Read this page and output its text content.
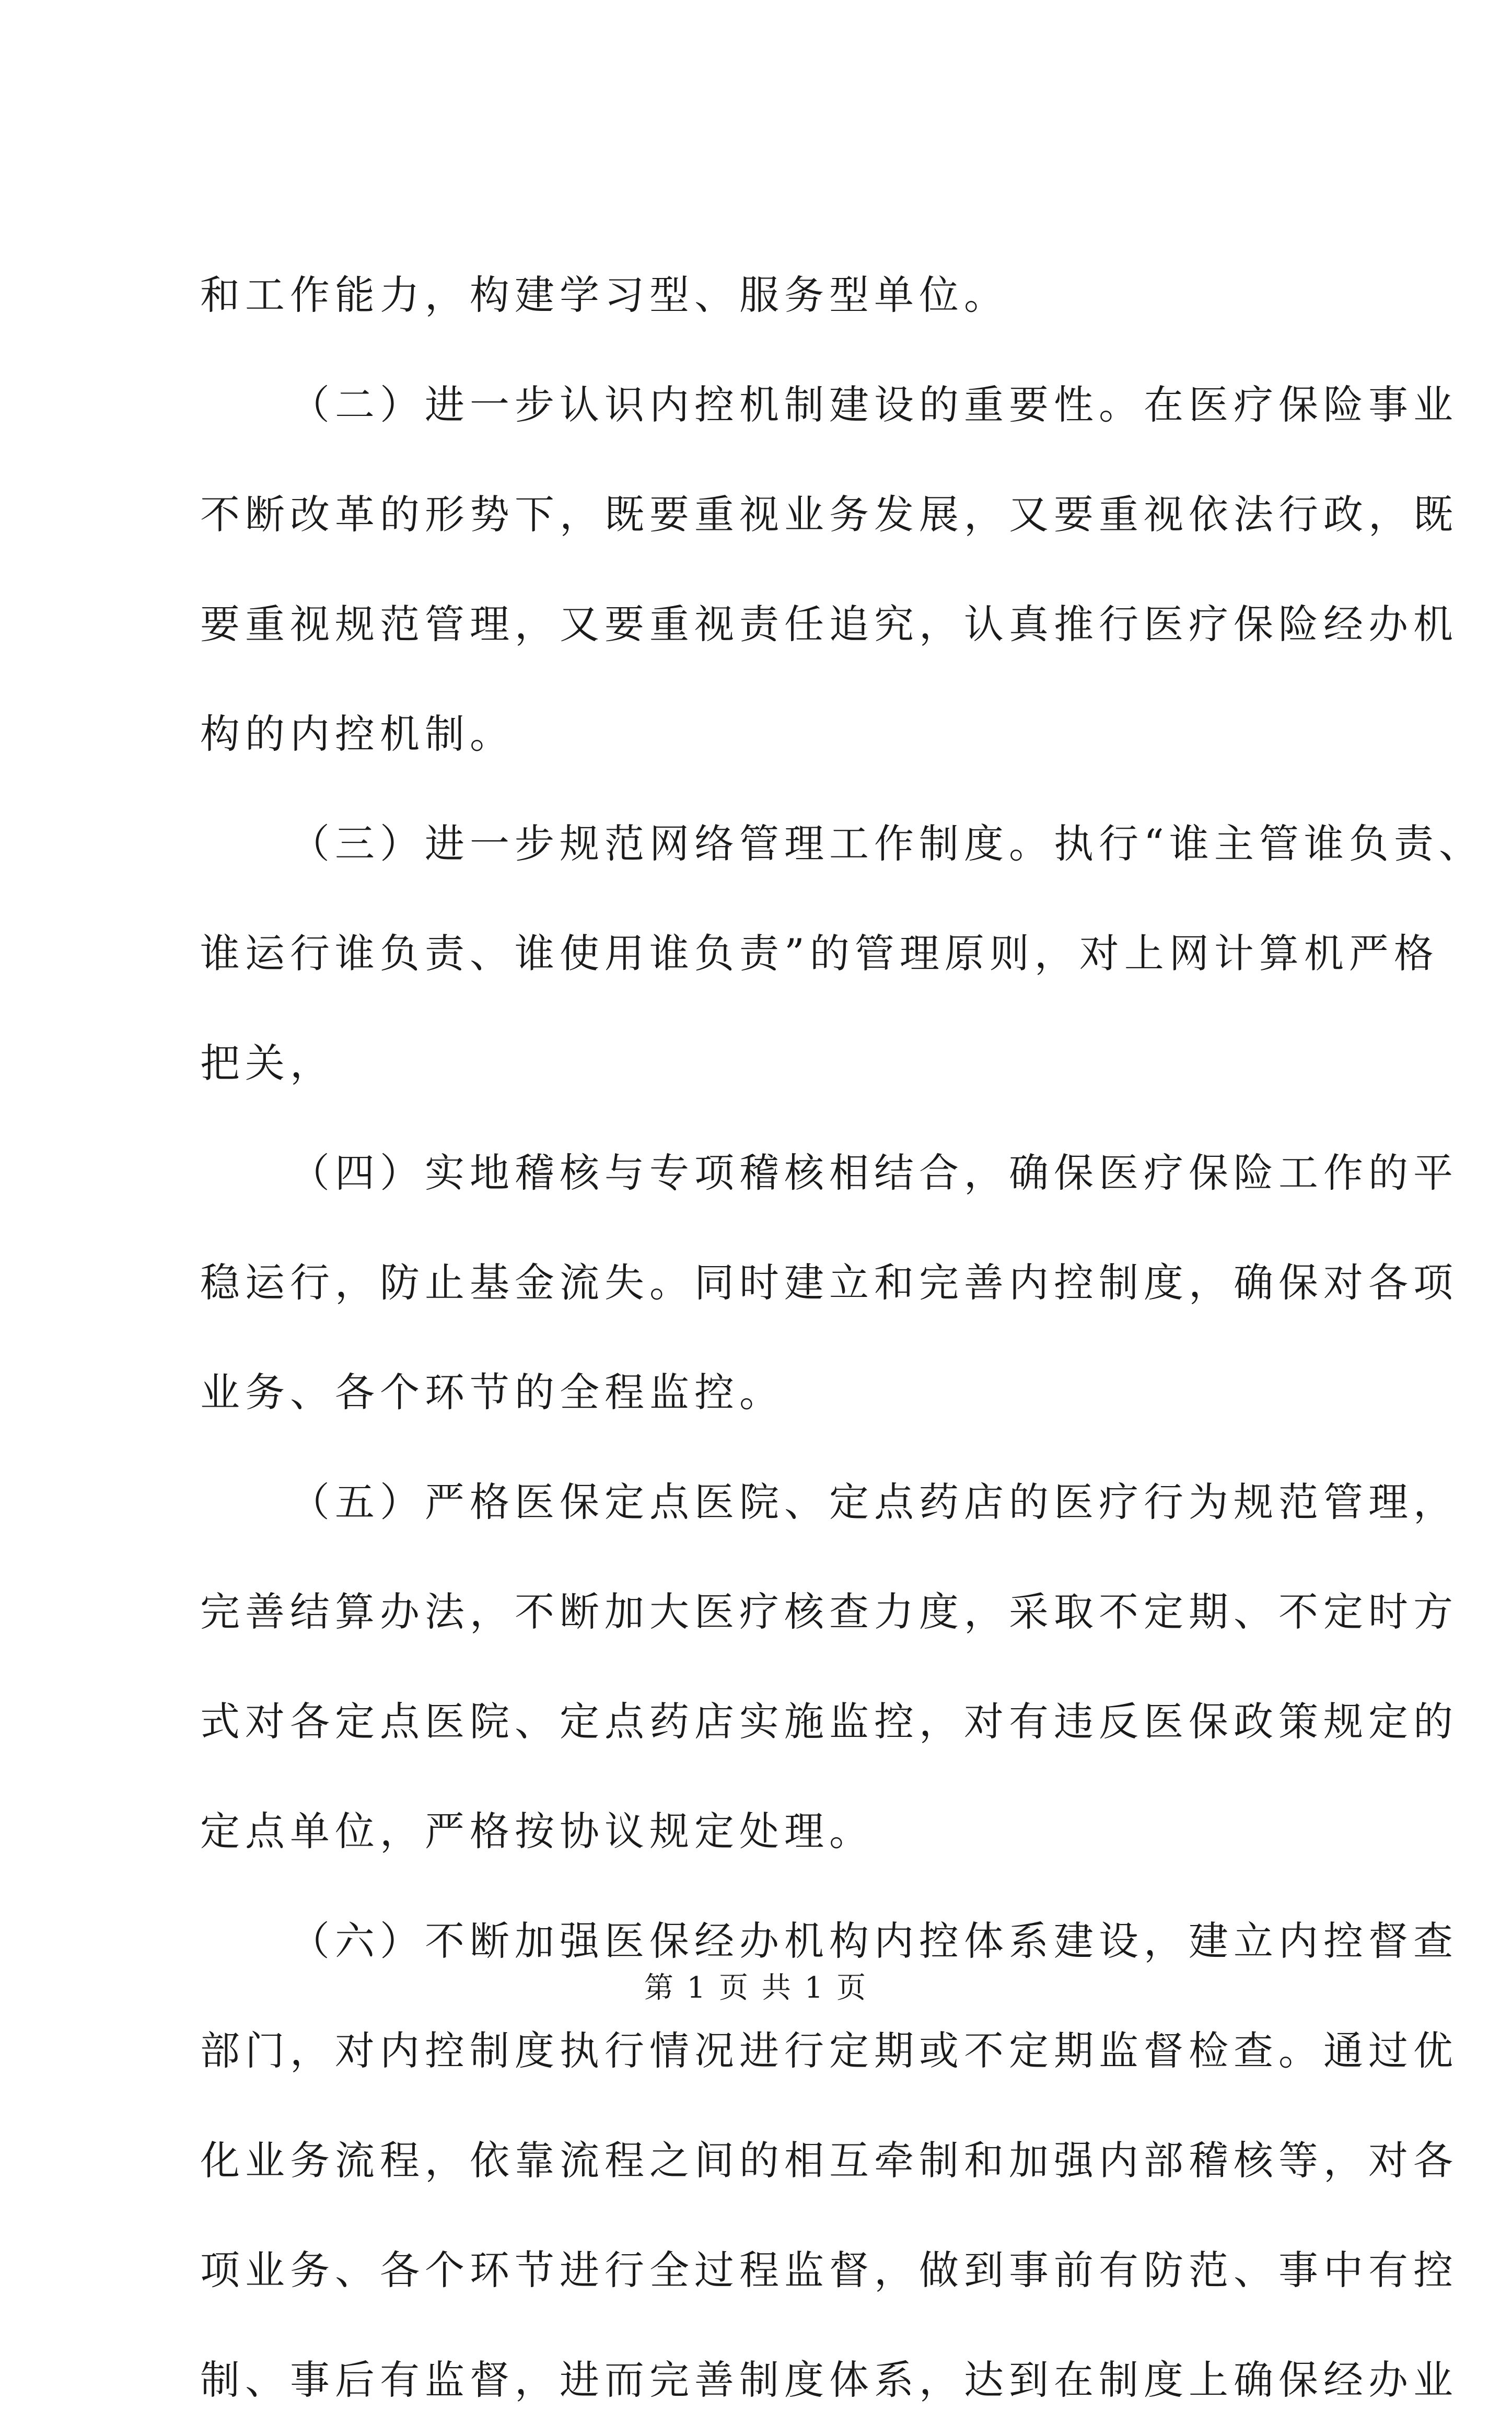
和工作能力，构建学习型、服务型单位。
（二）进一步认识内控机制建设的重要性。在医疗保险事业
不断改革的形势下，既要重视业务发展，又要重视依法行政，既
要重视规范管理，又要重视责任追究，认真推行医疗保险经办机
构的内控机制。
（三）进一步规范网络管理工作制度。执行“谁主管谁负责、
谁运行谁负责、谁使用谁负责”的管理原则，对上网计算机严格
把关，
（四）实地稽核与专项稽核相结合，确保医疗保险工作的平
稳运行，防止基金流失。同时建立和完善内控制度，确保对各项
业务、各个环节的全程监控。
（五）严格医保定点医院、定点药店的医疗行为规范管理，
完善结算办法，不断加大医疗核查力度，采取不定期、不定时方
式对各定点医院、定点药店实施监控，对有违反医保政策规定的
定点单位，严格按协议规定处理。
（六）不断加强医保经办机构内控体系建设，建立内控督查
部门，对内控制度执行情况进行定期或不定期监督检查。通过优
化业务流程，依靠流程之间的相互牵制和加强内部稽核等，对各
项业务、各个环节进行全过程监督，做到事前有防范、事中有控
制、事后有监督，进而完善制度体系，达到在制度上确保经办业
第 1 页 共 1 页
